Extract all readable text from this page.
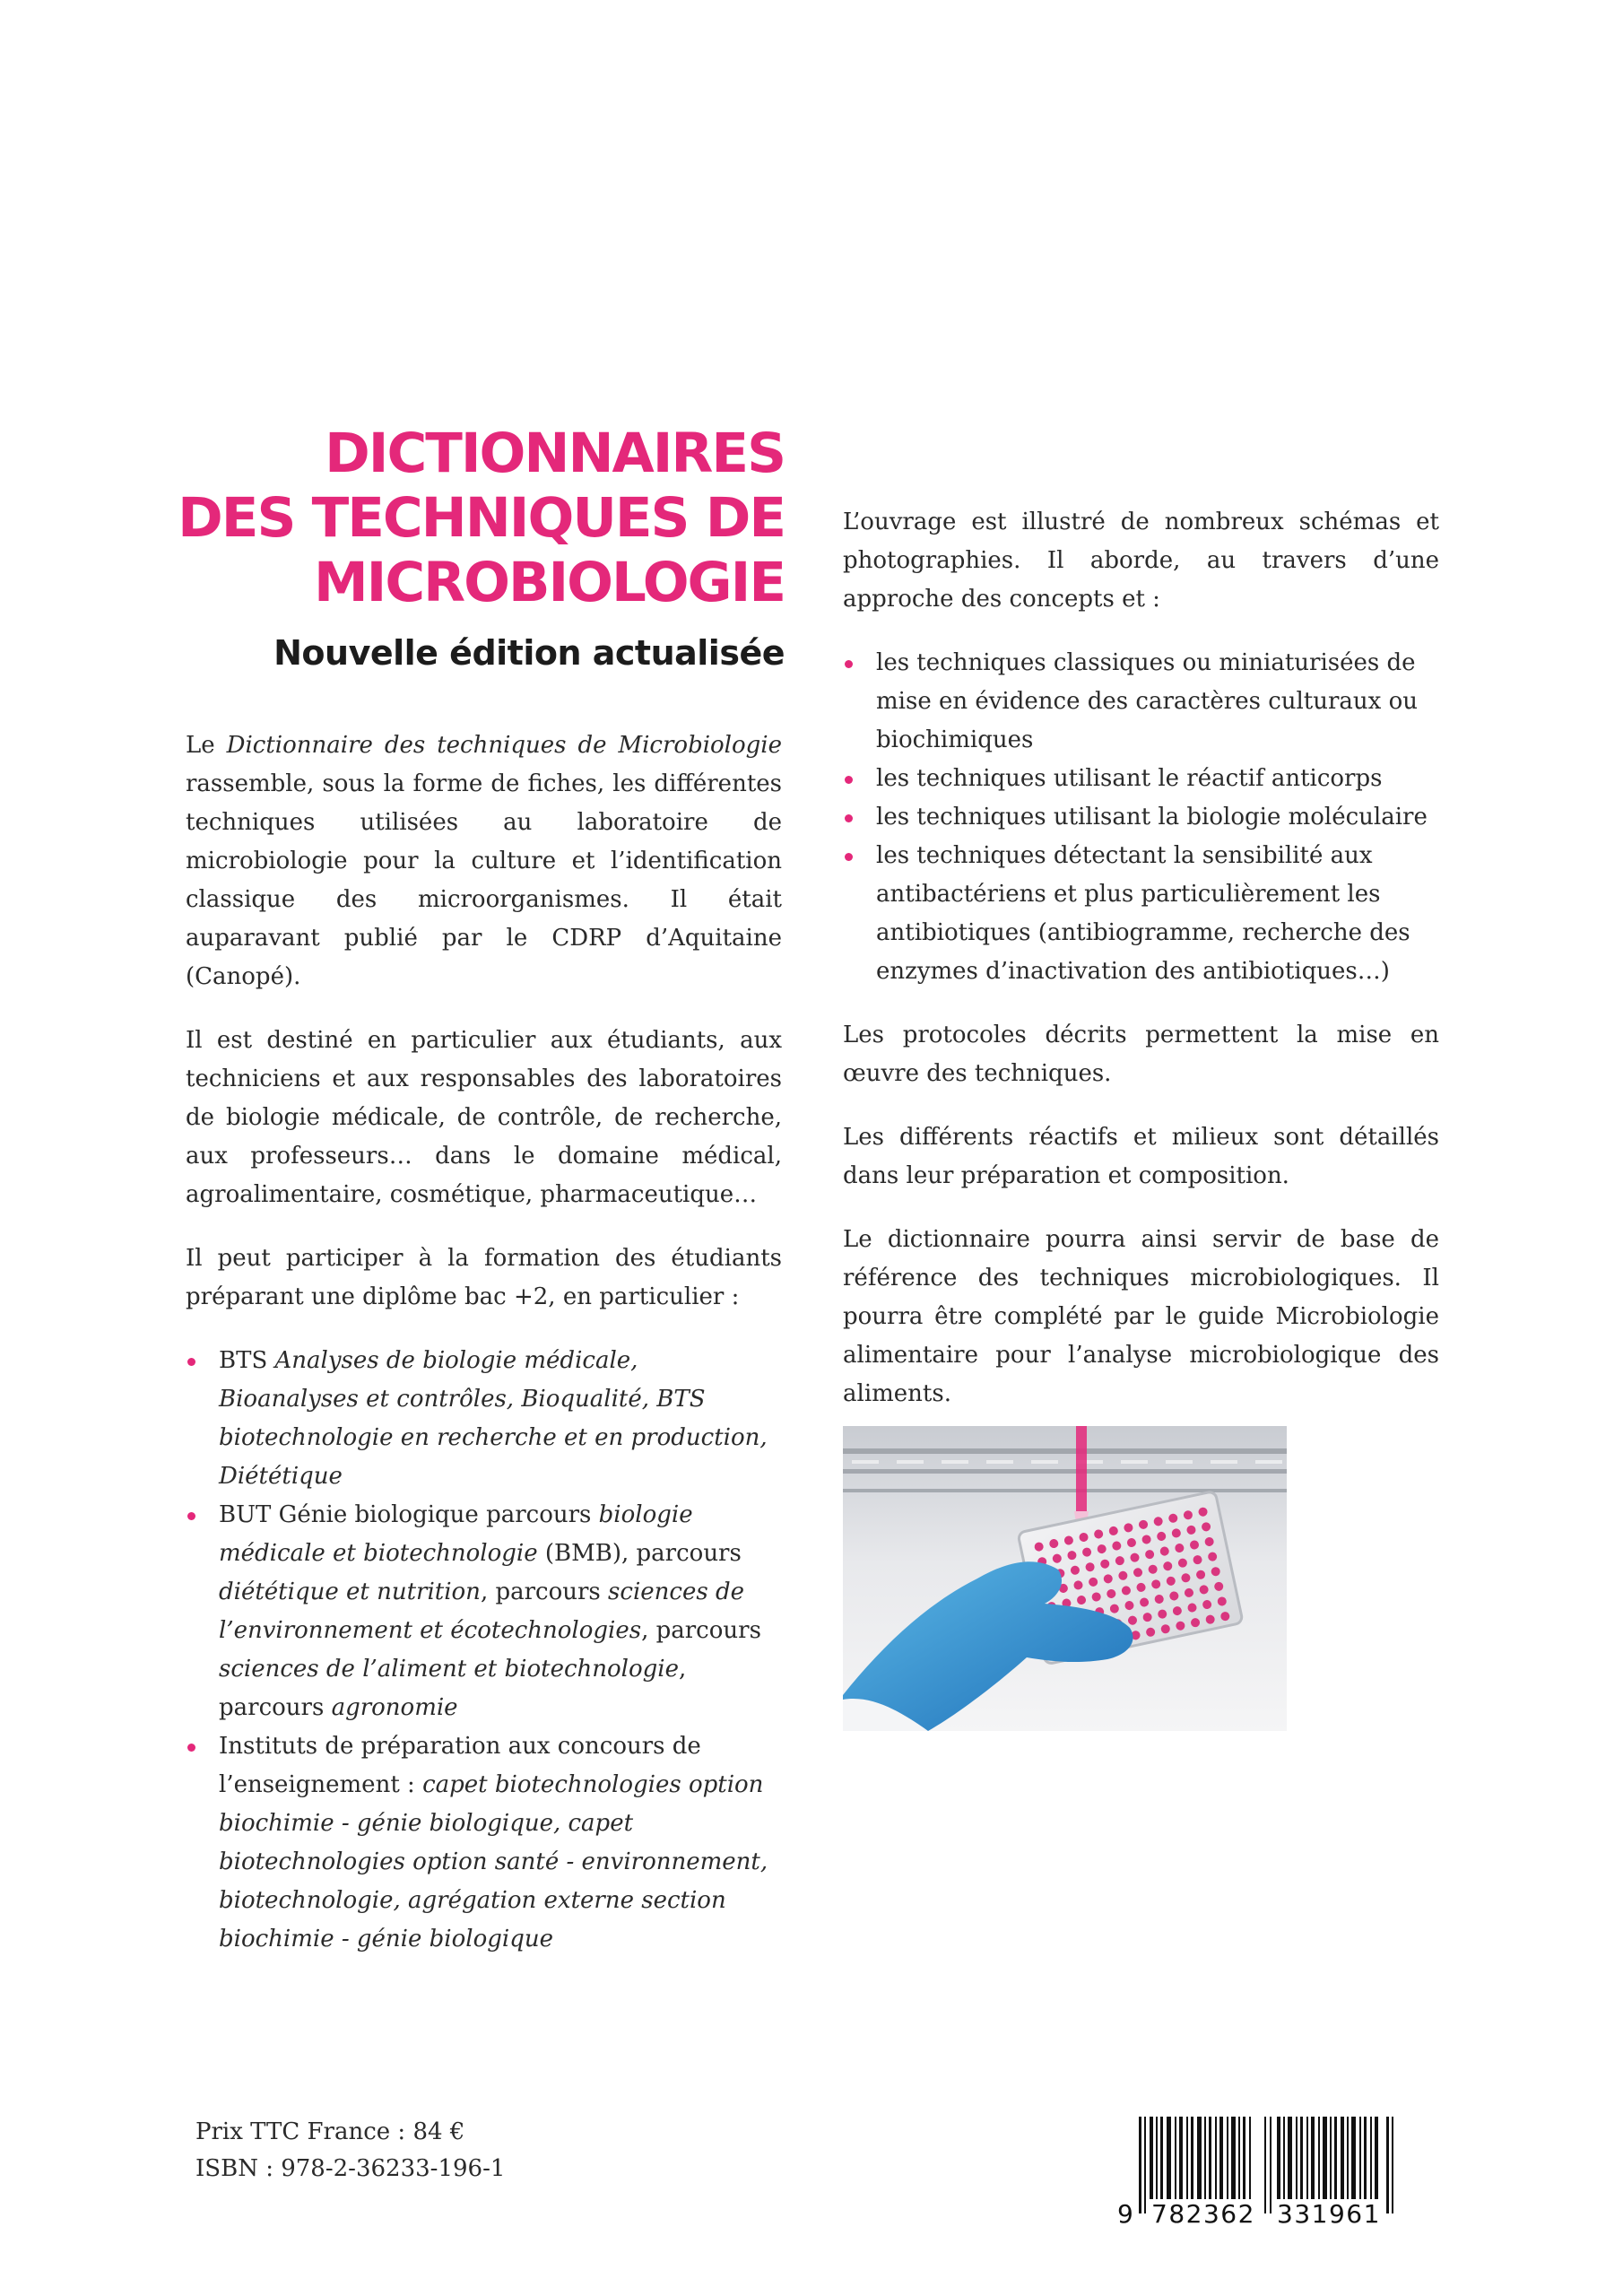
DICTIONNAIRES
DES TECHNIQUES DE
MICROBIOLOGIE
Nouvelle édition actualisée

Le Dictionnaire des techniques de Microbiologie rassemble, sous la forme de fiches, les différentes techniques utilisées au laboratoire de microbiologie pour la culture et l’identification classique des microorganismes. Il était auparavant publié par le CDRP d’Aquitaine (Canopé).

Il est destiné en particulier aux étudiants, aux techniciens et aux responsables des laboratoires de biologie médicale, de contrôle, de recherche, aux professeurs… dans le domaine médical, agroalimentaire, cosmétique, pharmaceutique…

Il peut participer à la formation des étudiants préparant une diplôme bac +2, en particulier :

BTS Analyses de biologie médicale, Bioanalyses et contrôles, Bioqualité, BTS biotechnologie en recherche et en production, Diététique
BUT Génie biologique parcours biologie médicale et biotechnologie (BMB), parcours diététique et nutrition, parcours sciences de l’environnement et écotechnologies, parcours sciences de l’aliment et biotechnologie, parcours agronomie
Instituts de préparation aux concours de l’enseignement : capet biotechnologies option biochimie - génie biologique, capet biotechnologies option santé - environnement, biotechnologie, agrégation externe section biochimie - génie biologique

L’ouvrage est illustré de nombreux schémas et photographies. Il aborde, au travers d’une approche des concepts et :

les techniques classiques ou miniaturisées de mise en évidence des caractères culturaux ou biochimiques
les techniques utilisant le réactif anticorps
les techniques utilisant la biologie moléculaire
les techniques détectant la sensibilité aux antibactériens et plus particulièrement les antibiotiques (antibiogramme, recherche des enzymes d’inactivation des antibiotiques…)

Les protocoles décrits permettent la mise en œuvre des techniques.

Les différents réactifs et milieux sont détaillés dans leur préparation et composition.

Le dictionnaire pourra ainsi servir de base de référence des techniques microbiologiques. Il pourra être complété par le guide Microbiologie alimentaire pour l’analyse microbiologique des aliments.

Prix TTC France : 84 €
ISBN : 978-2-36233-196-1
9 782362 331961
